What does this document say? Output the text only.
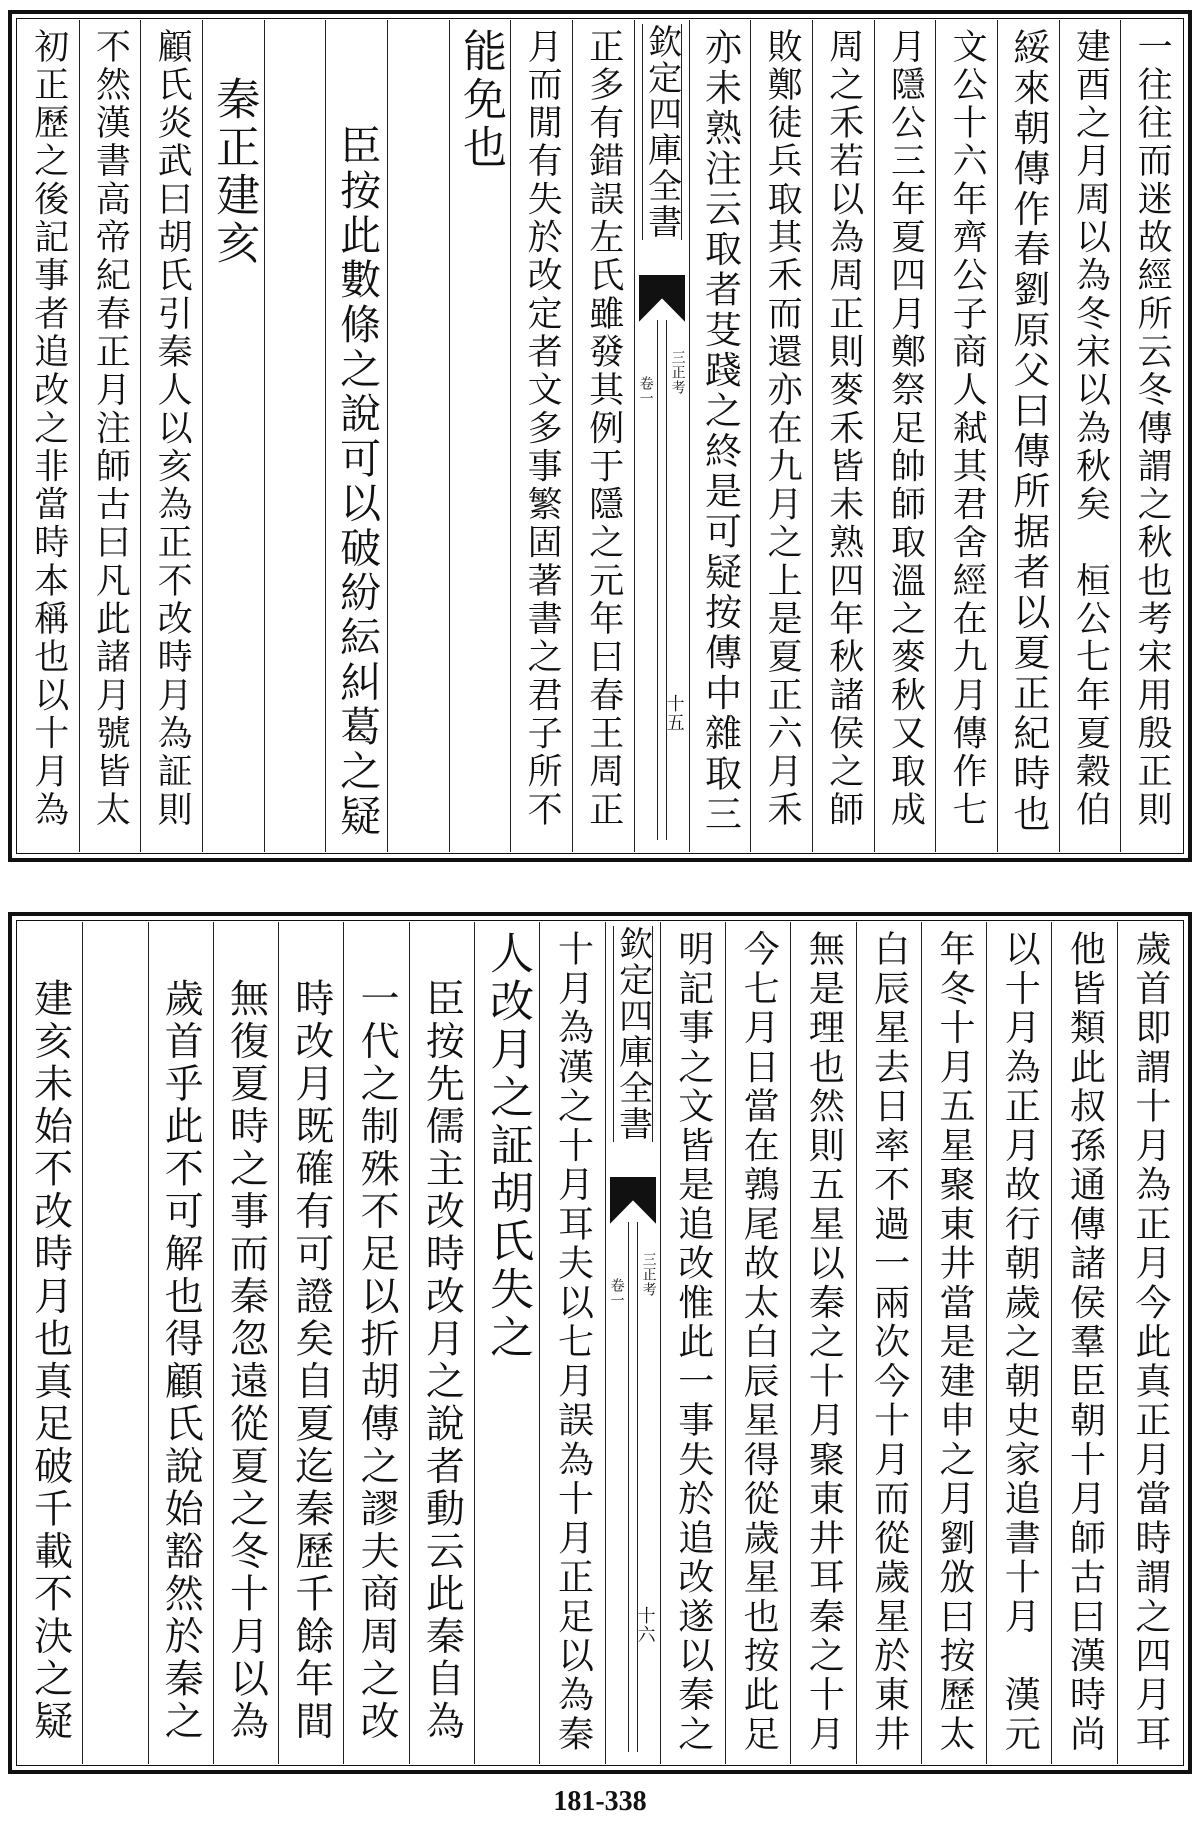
一往往而迷故經所云冬傳謂之秋也考宋用殷正則
建酉之月周以為冬宋以為秋矣　桓公七年夏穀伯
綏來朝傳作春劉原父曰傳所据者以夏正紀時也
文公十六年齊公子商人弒其君舍經在九月傳作七
月隱公三年夏四月鄭祭足帥師取溫之麥秋又取成
周之禾若以為周正則麥禾皆未熟四年秋諸侯之師
敗鄭徒兵取其禾而還亦在九月之上是夏正六月禾
亦未熟注云取者芟踐之終是可疑按傳中雜取三
欽定四庫全書
三正考
卷一
十五
正多有錯誤左氏雖發其例于隱之元年曰春王周正
月而閒有失於改定者文多事繁固著書之君子所不
能免也
臣按此數條之說可以破紛紜糾葛之疑
秦正建亥
顧氏炎武曰胡氏引秦人以亥為正不改時月為証則
不然漢書高帝紀春正月注師古曰凡此諸月號皆太
初正歷之後記事者追改之非當時本稱也以十月為
歲首即謂十月為正月今此真正月當時謂之四月耳
他皆類此叔孫通傳諸侯羣臣朝十月師古曰漢時尚
以十月為正月故行朝歲之朝史家追書十月　漢元
年冬十月五星聚東井當是建申之月劉攽曰按歷太
白辰星去日率不過一兩次今十月而從歲星於東井
無是理也然則五星以秦之十月聚東井耳秦之十月
今七月日當在鶉尾故太白辰星得從歲星也按此足
明記事之文皆是追改惟此一事失於追改遂以秦之
欽定四庫全書
三正考
卷一
十六
十月為漢之十月耳夫以七月誤為十月正足以為秦
人改月之証胡氏失之
臣按先儒主改時改月之說者動云此秦自為
一代之制殊不足以折胡傳之謬夫商周之改
時改月既確有可證矣自夏迄秦歷千餘年間
無復夏時之事而秦忽遠從夏之冬十月以為
歲首乎此不可解也得顧氏說始豁然於秦之
建亥未始不改時月也真足破千載不決之疑
181-338
